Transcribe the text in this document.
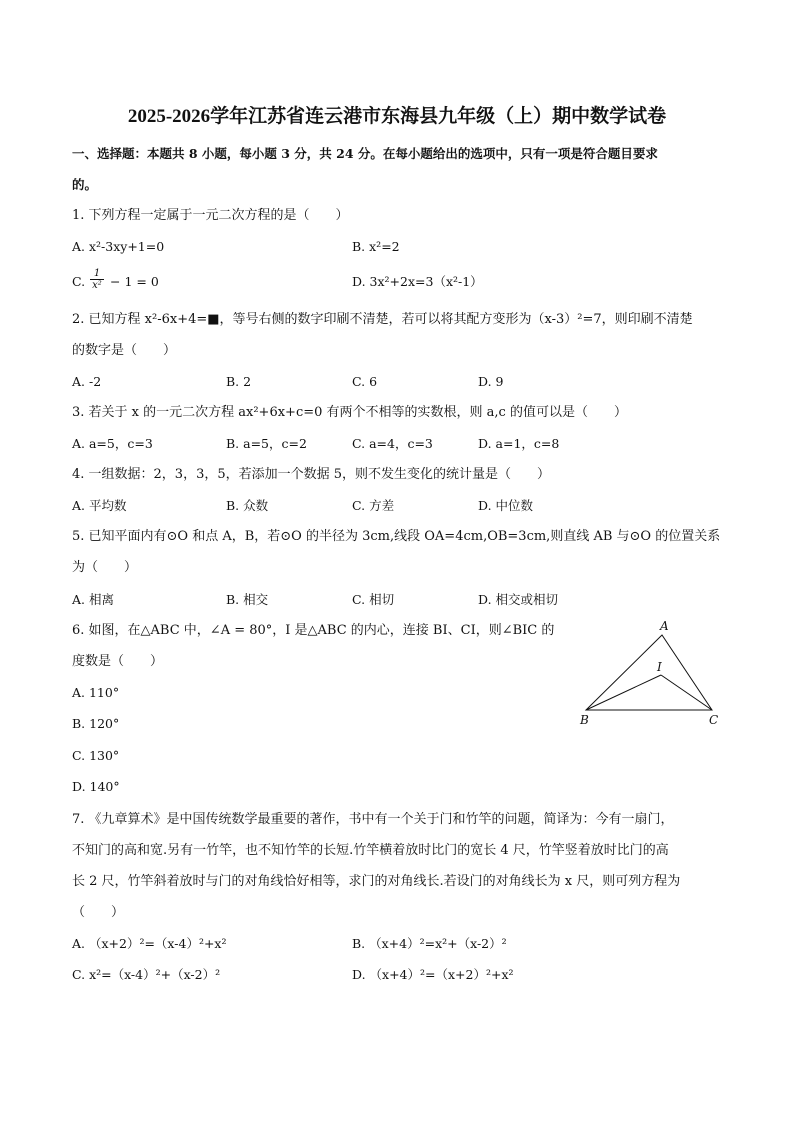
2025-2026学年江苏省连云港市东海县九年级（上）期中数学试卷
一、选择题：本题共 8 小题，每小题 3 分，共 24 分。在每小题给出的选项中，只有一项是符合题目要求
的。
1. 下列方程一定属于一元二次方程的是（　　）
A. x²-3xy+1=0	B. x²=2
C. $\frac{1}{\text{x²}} - 1 = 0$	D. 3x²+2x=3（x²-1）
2. 已知方程 x²-6x+4=■，等号右侧的数字印刷不清楚，若可以将其配方变形为（x-3）²=7，则印刷不清楚
的数字是（　　）
A. -2	B. 2	C. 6	D. 9
3. 若关于 x 的一元二次方程 ax²+6x+c=0 有两个不相等的实数根，则 a,c 的值可以是（　　）
A. a=5，c=3	B. a=5，c=2	C. a=4，c=3	D. a=1，c=8
4. 一组数据：2，3，3，5，若添加一个数据 5，则不发生变化的统计量是（　　）
A. 平均数	B. 众数	C. 方差	D. 中位数
5. 已知平面内有⊙O 和点 A，B，若⊙O 的半径为 3cm,线段 OA=4cm,OB=3cm,则直线 AB 与⊙O 的位置关系
为（　　）
A. 相离	B. 相交	C. 相切	D. 相交或相切
6. 如图，在△ABC 中，∠A = 80°，I 是△ABC 的内心，连接 BI、CI，则∠BIC 的
度数是（　　）
A. 110°
B. 120°
C. 130°
D. 140°
A
I
B	C
7. 《九章算术》是中国传统数学最重要的著作，书中有一个关于门和竹竿的问题，简译为：今有一扇门，
不知门的高和宽.另有一竹竿，也不知竹竿的长短.竹竿横着放时比门的宽长 4 尺，竹竿竖着放时比门的高
长 2 尺，竹竿斜着放时与门的对角线恰好相等，求门的对角线长.若设门的对角线长为 x 尺，则可列方程为
（　　）
A. （x+2）²=（x-4）²+x²	B. （x+4）²=x²+（x-2）²
C. x²=（x-4）²+（x-2）²	D. （x+4）²=（x+2）²+x²
